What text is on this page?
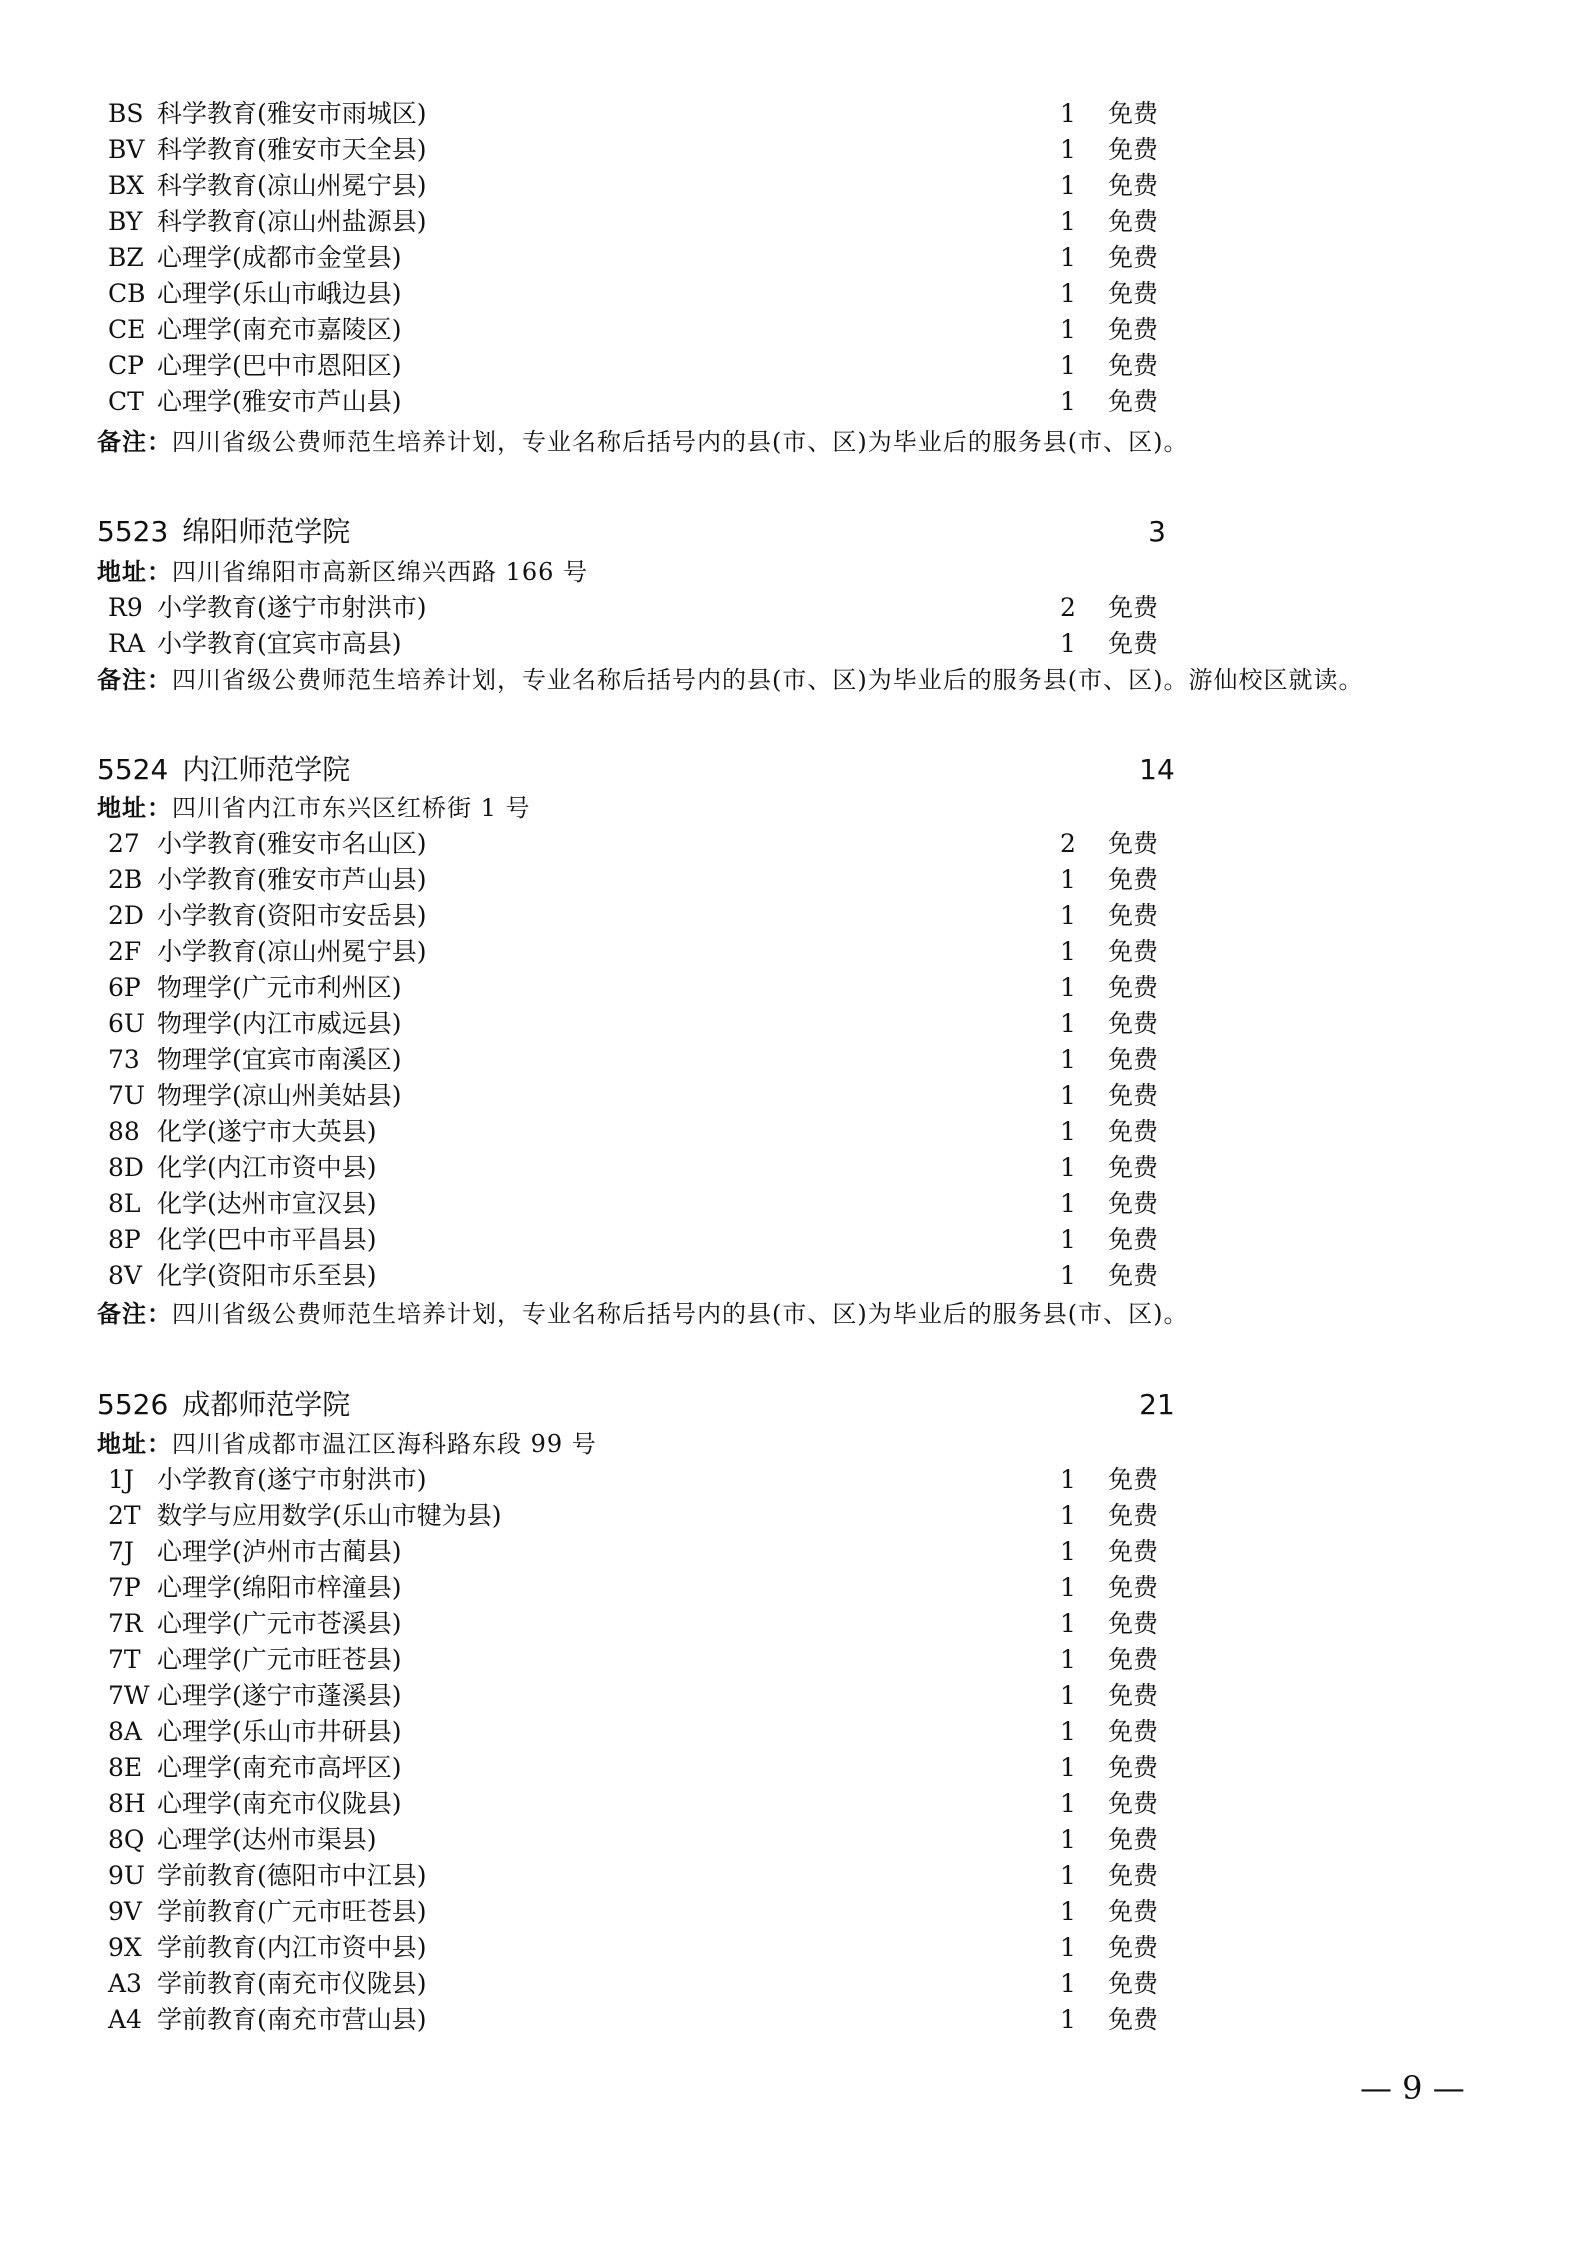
BS 科学教育(雅安市雨城区)	1 免费
BV 科学教育(雅安市天全县)	1 免费
BX 科学教育(凉山州冕宁县)	1 免费
BY 科学教育(凉山州盐源县)	1 免费
BZ 心理学(成都市金堂县)	1 免费
CB 心理学(乐山市峨边县)	1 免费
CE 心理学(南充市嘉陵区)	1 免费
CP 心理学(巴中市恩阳区)	1 免费
CT 心理学(雅安市芦山县)	1 免费
备注：四川省级公费师范生培养计划，专业名称后括号内的县(市、区)为毕业后的服务县(市、区)。
5523 绵阳师范学院	3
地址：四川省绵阳市高新区绵兴西路 166 号
R9 小学教育(遂宁市射洪市)	2 免费
RA 小学教育(宜宾市高县)	1 免费
备注：四川省级公费师范生培养计划，专业名称后括号内的县(市、区)为毕业后的服务县(市、区)。游仙校区就读。
5524 内江师范学院	14
地址：四川省内江市东兴区红桥街 1 号
27 小学教育(雅安市名山区)	2 免费
2B 小学教育(雅安市芦山县)	1 免费
2D 小学教育(资阳市安岳县)	1 免费
2F 小学教育(凉山州冕宁县)	1 免费
6P 物理学(广元市利州区)	1 免费
6U 物理学(内江市威远县)	1 免费
73 物理学(宜宾市南溪区)	1 免费
7U 物理学(凉山州美姑县)	1 免费
88 化学(遂宁市大英县)	1 免费
8D 化学(内江市资中县)	1 免费
8L 化学(达州市宣汉县)	1 免费
8P 化学(巴中市平昌县)	1 免费
8V 化学(资阳市乐至县)	1 免费
备注：四川省级公费师范生培养计划，专业名称后括号内的县(市、区)为毕业后的服务县(市、区)。
5526 成都师范学院	21
地址：四川省成都市温江区海科路东段 99 号
1J 小学教育(遂宁市射洪市)	1 免费
2T 数学与应用数学(乐山市犍为县)	1 免费
7J 心理学(泸州市古蔺县)	1 免费
7P 心理学(绵阳市梓潼县)	1 免费
7R 心理学(广元市苍溪县)	1 免费
7T 心理学(广元市旺苍县)	1 免费
7W 心理学(遂宁市蓬溪县)	1 免费
8A 心理学(乐山市井研县)	1 免费
8E 心理学(南充市高坪区)	1 免费
8H 心理学(南充市仪陇县)	1 免费
8Q 心理学(达州市渠县)	1 免费
9U 学前教育(德阳市中江县)	1 免费
9V 学前教育(广元市旺苍县)	1 免费
9X 学前教育(内江市资中县)	1 免费
A3 学前教育(南充市仪陇县)	1 免费
A4 学前教育(南充市营山县)	1 免费
— 9 —
